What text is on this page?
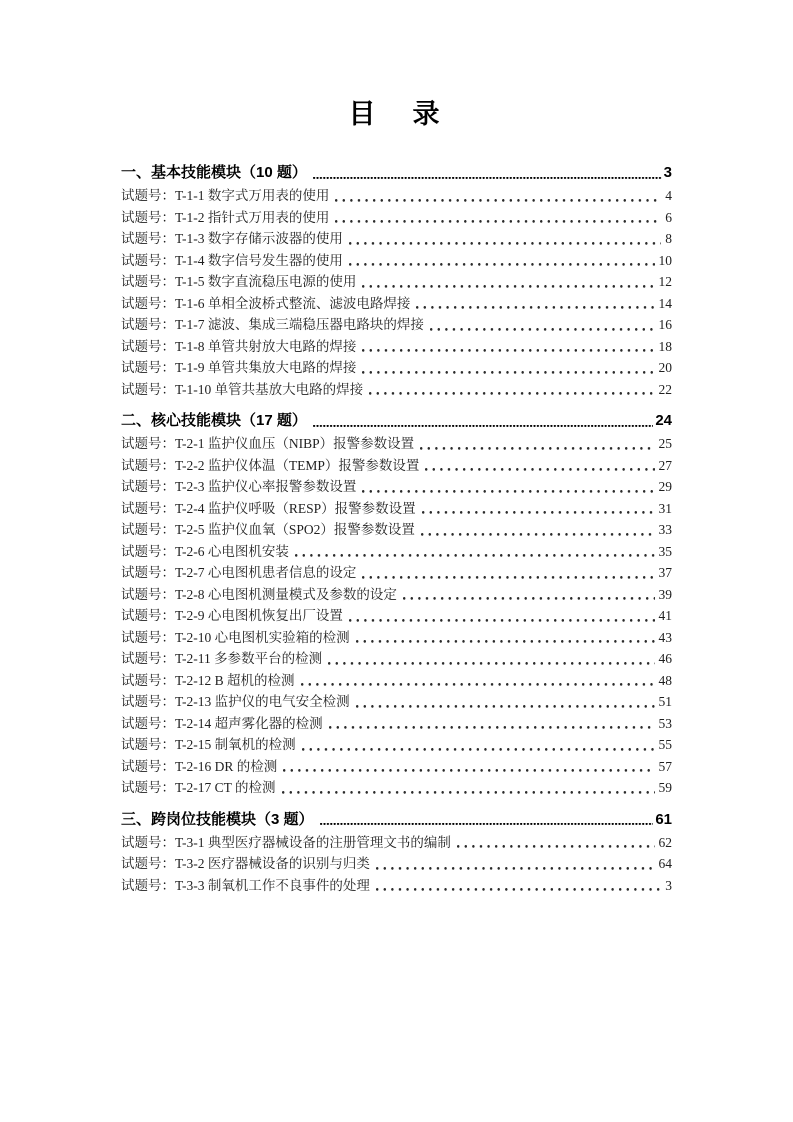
目　录
一、基本技能模块（10 题）	3
试题号：T-1-1 数字式万用表的使用	4
试题号：T-1-2 指针式万用表的使用	6
试题号：T-1-3 数字存储示波器的使用	8
试题号：T-1-4 数字信号发生器的使用	10
试题号：T-1-5 数字直流稳压电源的使用	12
试题号：T-1-6 单相全波桥式整流、滤波电路焊接	14
试题号：T-1-7 滤波、集成三端稳压器电路块的焊接	16
试题号：T-1-8 单管共射放大电路的焊接	18
试题号：T-1-9 单管共集放大电路的焊接	20
试题号：T-1-10 单管共基放大电路的焊接	22
二、核心技能模块（17 题）	24
试题号：T-2-1 监护仪血压（NIBP）报警参数设置	25
试题号：T-2-2 监护仪体温（TEMP）报警参数设置	27
试题号：T-2-3 监护仪心率报警参数设置	29
试题号：T-2-4 监护仪呼吸（RESP）报警参数设置	31
试题号：T-2-5 监护仪血氧（SPO2）报警参数设置	33
试题号：T-2-6 心电图机安装	35
试题号：T-2-7 心电图机患者信息的设定	37
试题号：T-2-8 心电图机测量模式及参数的设定	39
试题号：T-2-9 心电图机恢复出厂设置	41
试题号：T-2-10 心电图机实验箱的检测	43
试题号：T-2-11 多参数平台的检测	46
试题号：T-2-12 B 超机的检测	48
试题号：T-2-13 监护仪的电气安全检测	51
试题号：T-2-14 超声雾化器的检测	53
试题号：T-2-15 制氧机的检测	55
试题号：T-2-16 DR 的检测	57
试题号：T-2-17 CT 的检测	59
三、跨岗位技能模块（3 题）	61
试题号：T-3-1 典型医疗器械设备的注册管理文书的编制	62
试题号：T-3-2 医疗器械设备的识别与归类	64
试题号：T-3-3 制氧机工作不良事件的处理	3
